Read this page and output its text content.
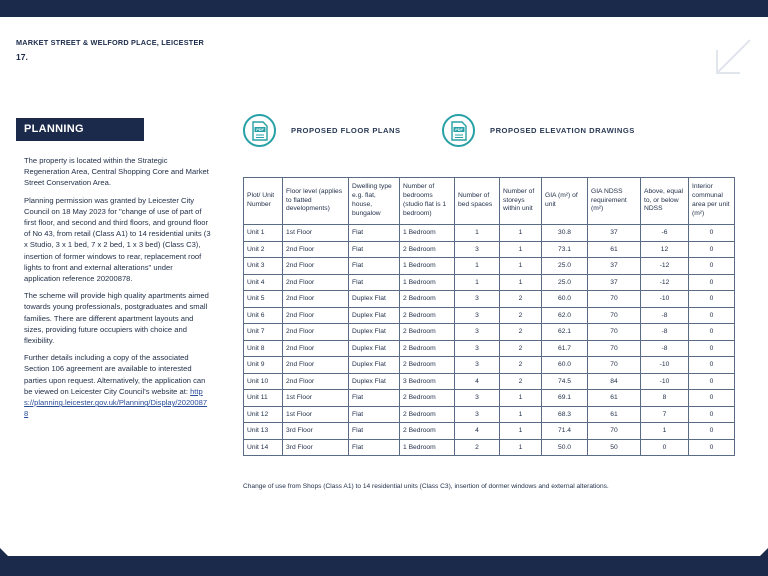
MARKET STREET & WELFORD PLACE, LEICESTER
17.
PLANNING

The property is located within the Strategic Regeneration Area, Central Shopping Core and Market Street Conservation Area.

Planning permission was granted by Leicester City Council on 18 May 2023 for "change of use of part of first floor, and second and third floors, and ground floor of No 43, from retail (Class A1) to 14 residential units (3 x Studio, 3 x 1 bed, 7 x 2 bed, 1 x 3 bed) (Class C3), insertion of former windows to rear, replacement roof lights to front and external alterations" under application reference 20200878.

The scheme will provide high quality apartments aimed towards young professionals, postgraduates and small families. There are different apartment layouts and sizes, providing future occupiers with choice and flexibility.

Further details including a copy of the associated Section 106 agreement are available to interested parties upon request. Alternatively, the application can be viewed on Leicester City Council's website at: https://planning.leicester.gov.uk/Planning/Display/20200878

PDF	PROPOSED FLOOR PLANS	PDF	PROPOSED ELEVATION DRAWINGS
Plot/ Unit Number	Floor level (applies to flatted developments)	Dwelling type e.g. flat, house, bungalow	Number of bedrooms (studio flat is 1 bedroom)	Number of bed spaces	Number of storeys within unit	GIA (m²) of unit	GIA NDSS requirement (m²)	Above, equal to, or below NDSS	Interior communal area per unit (m²)
Unit 1	1st Floor	Flat	1 Bedroom	1	1	30.8	37	-6	0
Unit 2	2nd Floor	Flat	2 Bedroom	3	1	73.1	61	12	0
Unit 3	2nd Floor	Flat	1 Bedroom	1	1	25.0	37	-12	0
Unit 4	2nd Floor	Flat	1 Bedroom	1	1	25.0	37	-12	0
Unit 5	2nd Floor	Duplex Flat	2 Bedroom	3	2	60.0	70	-10	0
Unit 6	2nd Floor	Duplex Flat	2 Bedroom	3	2	62.0	70	-8	0
Unit 7	2nd Floor	Duplex Flat	2 Bedroom	3	2	62.1	70	-8	0
Unit 8	2nd Floor	Duplex Flat	2 Bedroom	3	2	61.7	70	-8	0
Unit 9	2nd Floor	Duplex Flat	2 Bedroom	3	2	60.0	70	-10	0
Unit 10	2nd Floor	Duplex Flat	3 Bedroom	4	2	74.5	84	-10	0
Unit 11	1st Floor	Flat	2 Bedroom	3	1	69.1	61	8	0
Unit 12	1st Floor	Flat	2 Bedroom	3	1	68.3	61	7	0
Unit 13	3rd Floor	Flat	2 Bedroom	4	1	71.4	70	1	0
Unit 14	3rd Floor	Flat	1 Bedroom	2	1	50.0	50	0	0
Change of use from Shops (Class A1) to 14 residential units (Class C3), insertion of dormer windows and external alterations.
